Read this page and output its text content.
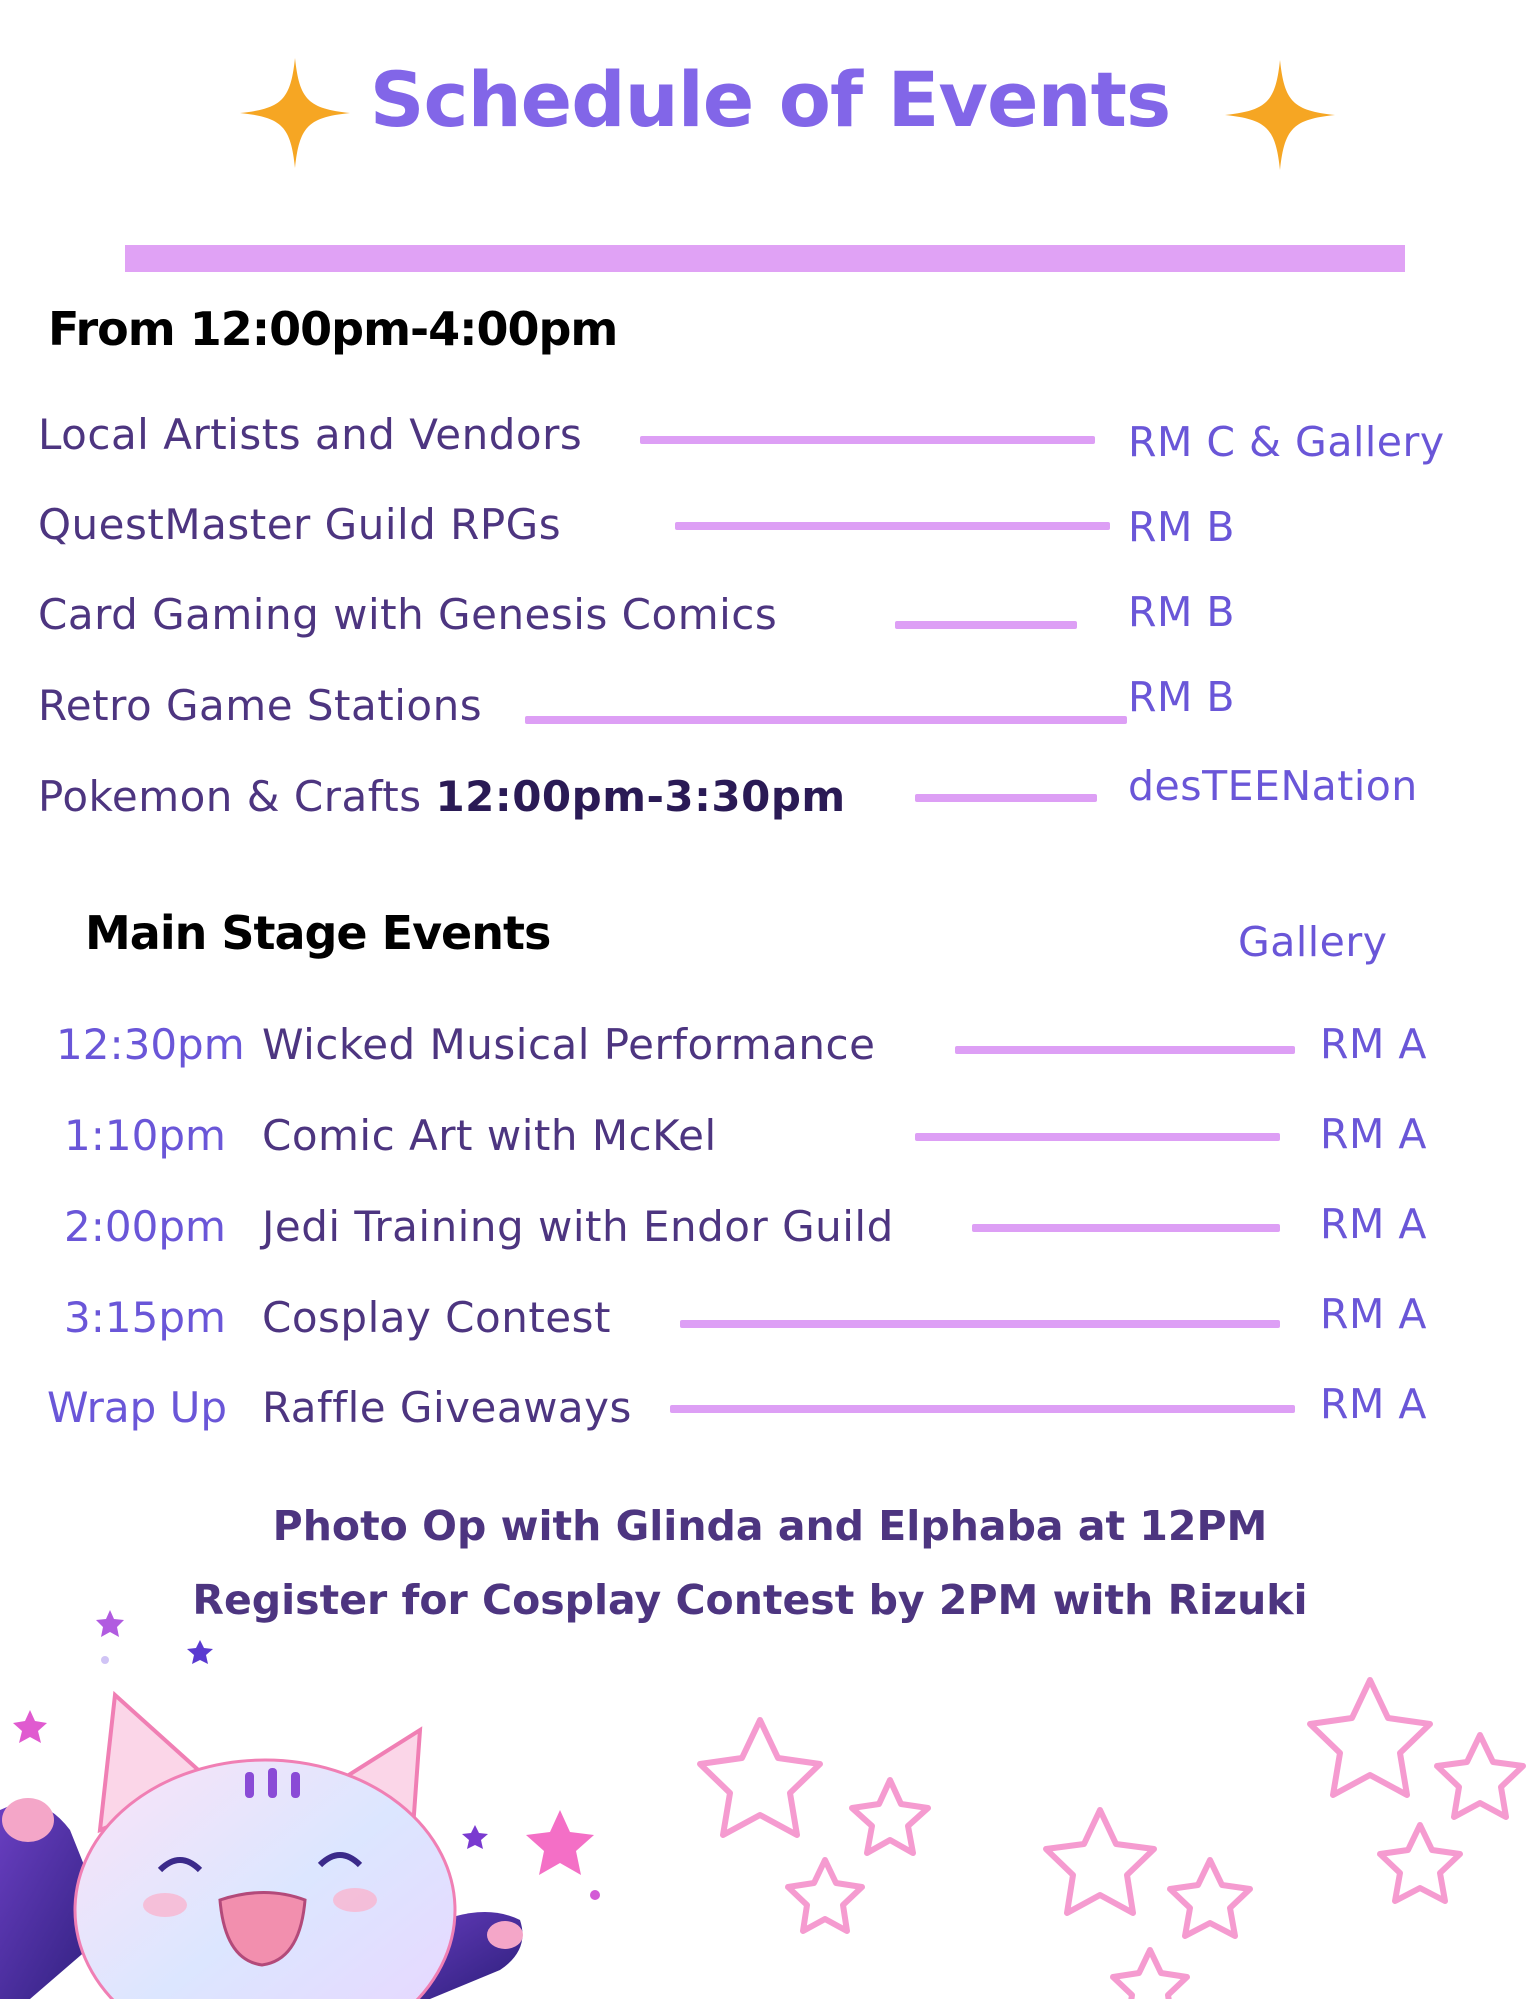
Schedule of Events
From 12:00pm-4:00pm
Local Artists and Vendors	RM C & Gallery
QuestMaster Guild RPGs	RM B
Card Gaming with Genesis Comics	RM B
Retro Game Stations	RM B
Pokemon & Crafts 12:00pm-3:30pm	desTEENation
Main Stage Events	Gallery
12:30pm Wicked Musical Performance	RM A
1:10pm Comic Art with McKel	RM A
2:00pm Jedi Training with Endor Guild	RM A
3:15pm Cosplay Contest	RM A
Wrap Up Raffle Giveaways	RM A
Photo Op with Glinda and Elphaba at 12PM
Register for Cosplay Contest by 2PM with Rizuki
